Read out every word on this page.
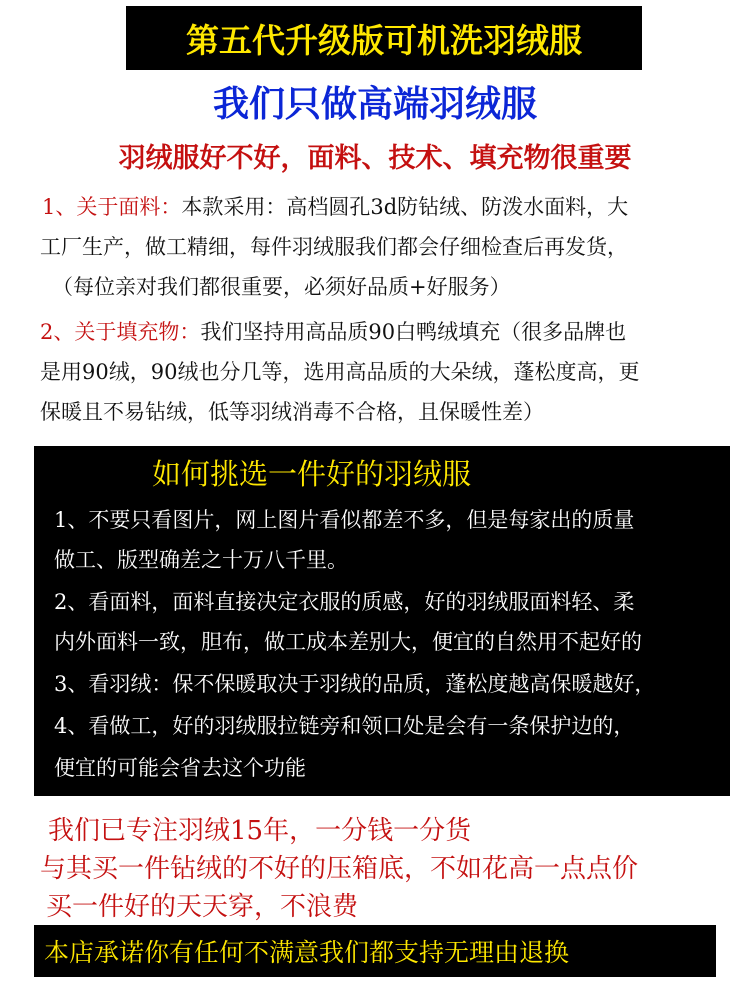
第五代升级版可机洗羽绒服
我们只做高端羽绒服
羽绒服好不好，面料、技术、填充物很重要
1、关于面料：本款采用：高档圆孔3d防钻绒、防泼水面料，大
工厂生产，做工精细，每件羽绒服我们都会仔细检查后再发货，
（每位亲对我们都很重要，必须好品质+好服务）
2、关于填充物：我们坚持用高品质90白鸭绒填充（很多品牌也
是用90绒，90绒也分几等，选用高品质的大朵绒，蓬松度高，更
保暖且不易钻绒，低等羽绒消毒不合格，且保暖性差）
如何挑选一件好的羽绒服
1、不要只看图片，网上图片看似都差不多，但是每家出的质量
做工、版型确差之十万八千里。
2、看面料，面料直接决定衣服的质感，好的羽绒服面料轻、柔
内外面料一致，胆布，做工成本差别大，便宜的自然用不起好的
3、看羽绒：保不保暖取决于羽绒的品质，蓬松度越高保暖越好，
4、看做工，好的羽绒服拉链旁和领口处是会有一条保护边的，
便宜的可能会省去这个功能
我们已专注羽绒15年，一分钱一分货
与其买一件钻绒的不好的压箱底，不如花高一点点价
买一件好的天天穿，不浪费
本店承诺你有任何不满意我们都支持无理由退换
